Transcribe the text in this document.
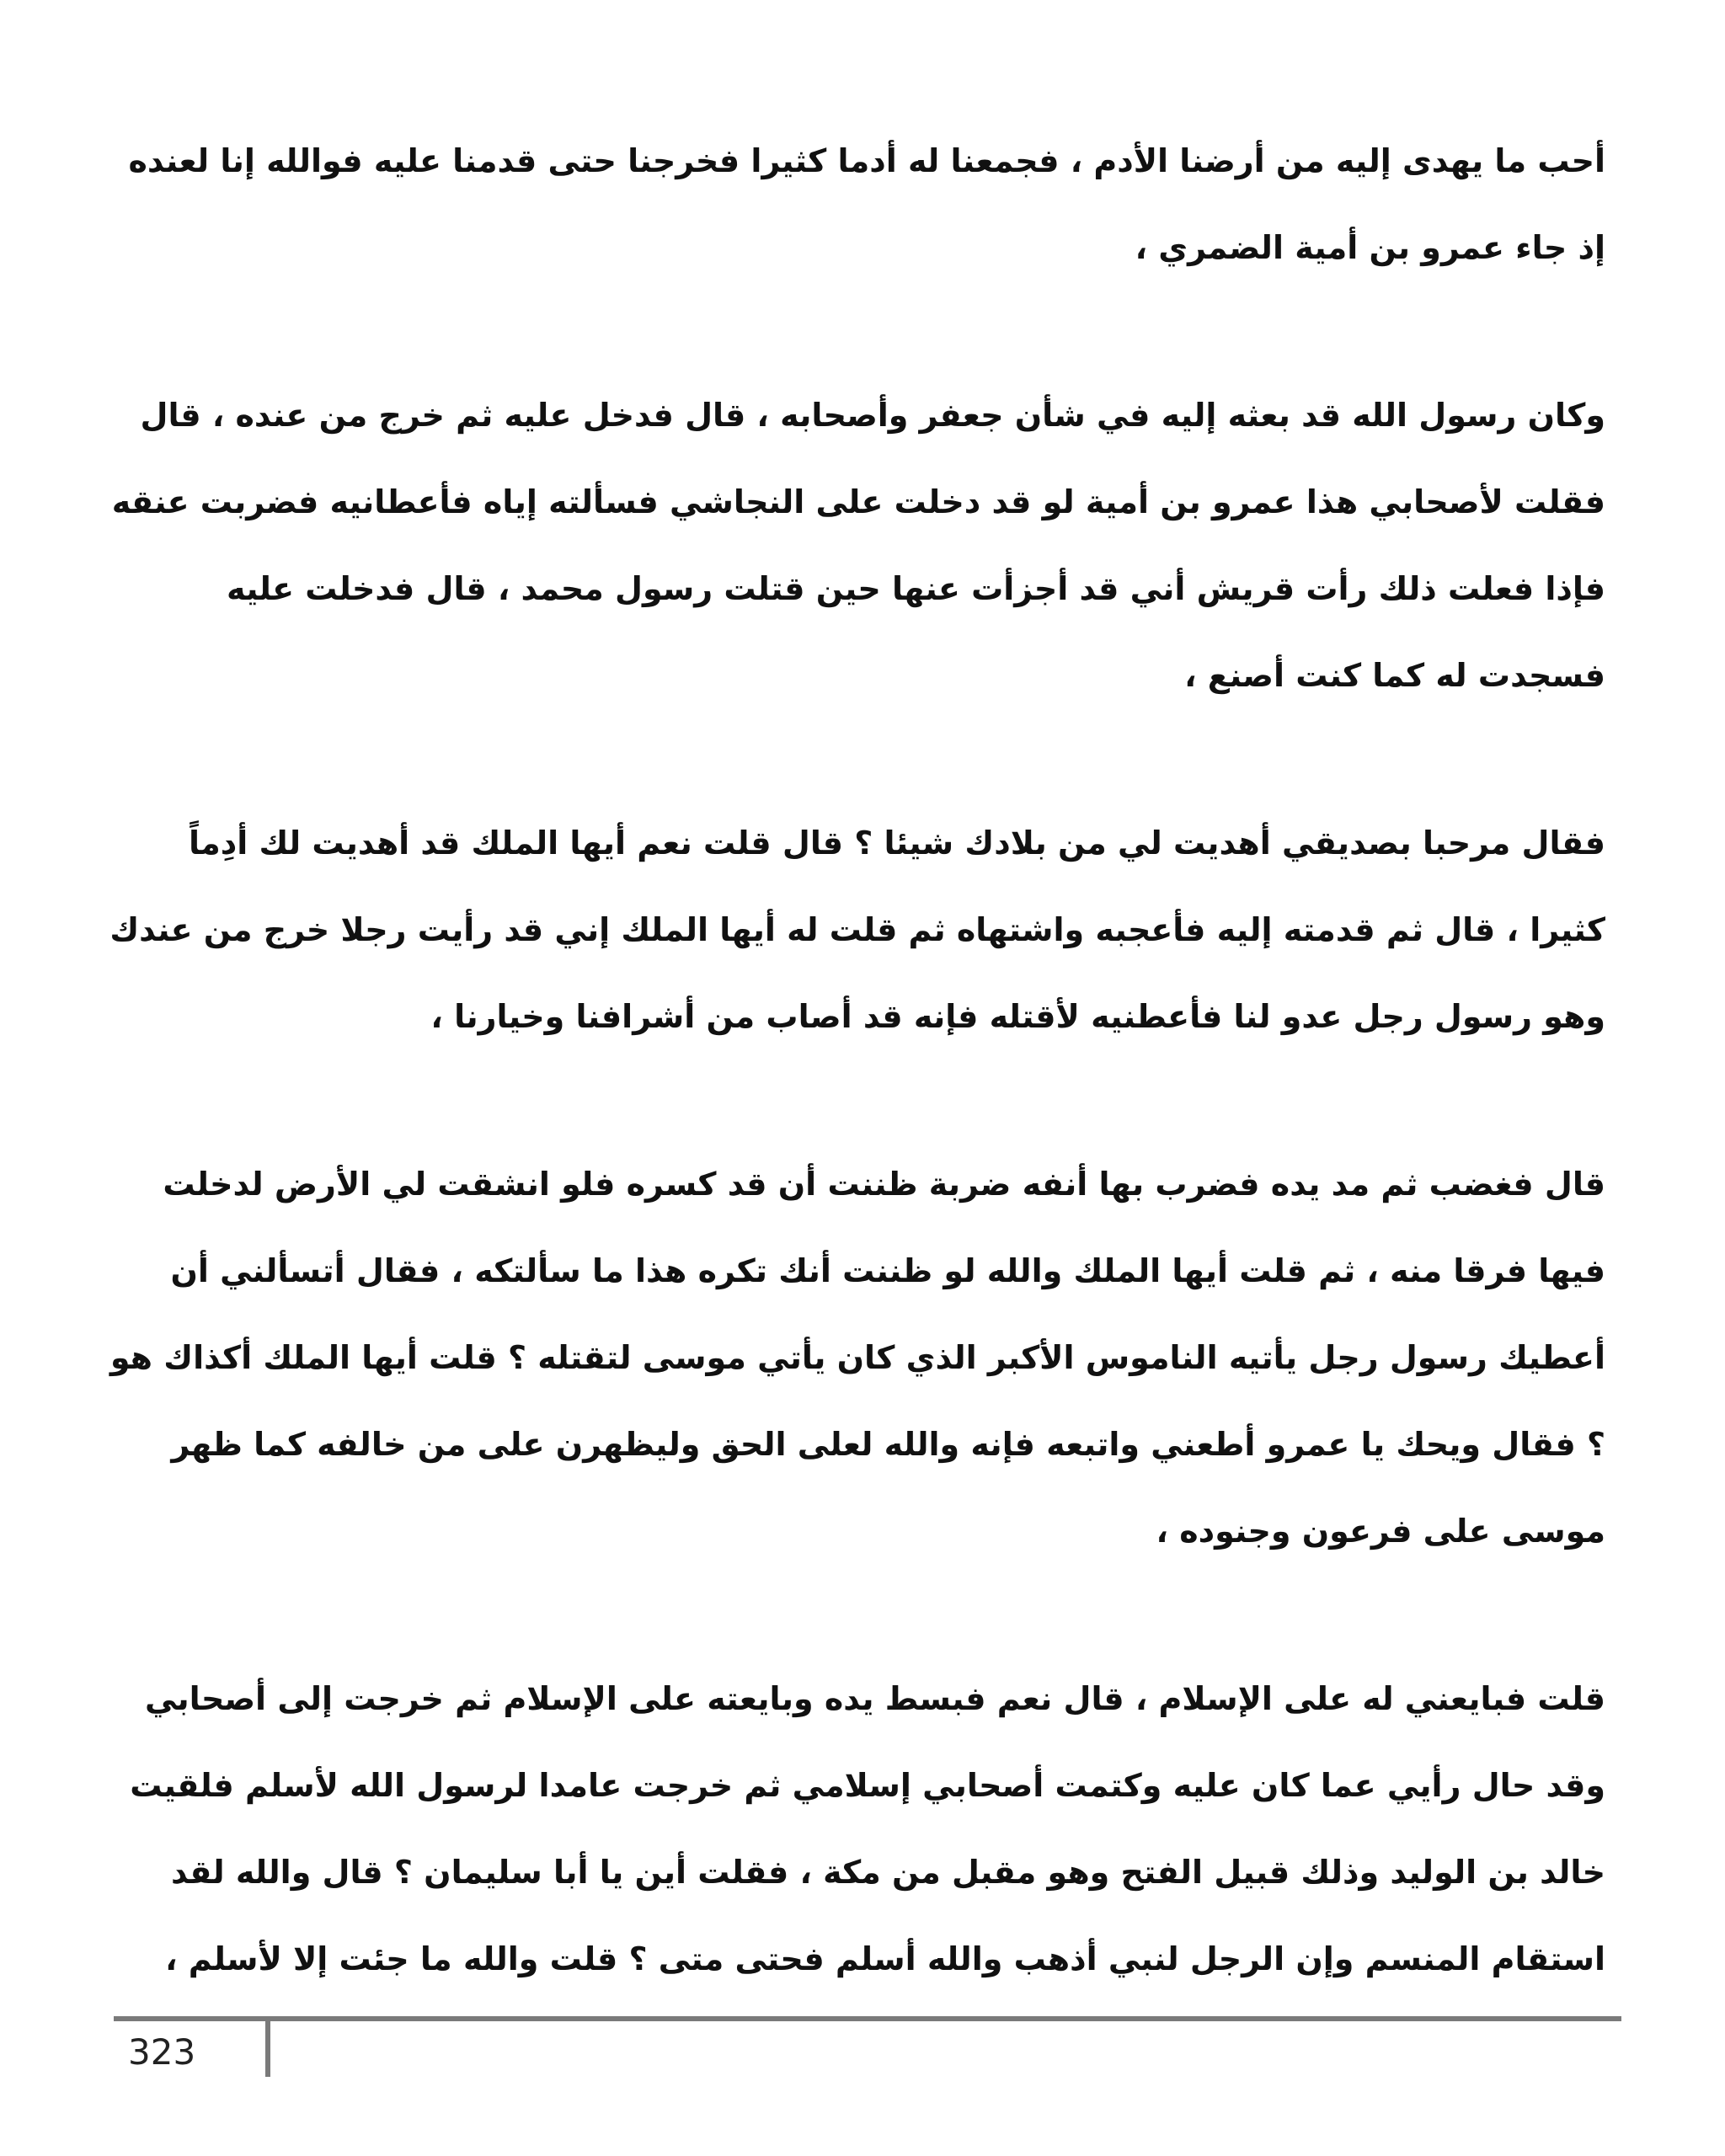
أحب ما يهدى إليه من أرضنا الأدم ، فجمعنا له أدما كثيرا فخرجنا حتى قدمنا عليه فوالله إنا لعنده
إذ جاء عمرو بن أمية الضمري ،

وكان رسول الله قد بعثه إليه في شأن جعفر وأصحابه ، قال فدخل عليه ثم خرج من عنده ، قال
فقلت لأصحابي هذا عمرو بن أمية لو قد دخلت على النجاشي فسألته إياه فأعطانيه فضربت عنقه
فإذا فعلت ذلك رأت قريش أني قد أجزأت عنها حين قتلت رسول محمد ، قال فدخلت عليه
فسجدت له كما كنت أصنع ،

فقال مرحبا بصديقي أهديت لي من بلادك شيئا ؟ قال قلت نعم أيها الملك قد أهديت لك أدِماً
كثيرا ، قال ثم قدمته إليه فأعجبه واشتهاه ثم قلت له أيها الملك إني قد رأيت رجلا خرج من عندك
وهو رسول رجل عدو لنا فأعطنيه لأقتله فإنه قد أصاب من أشرافنا وخيارنا ،

قال فغضب ثم مد يده فضرب بها أنفه ضربة ظننت أن قد كسره فلو انشقت لي الأرض لدخلت
فيها فرقا منه ، ثم قلت أيها الملك والله لو ظننت أنك تكره هذا ما سألتكه ، فقال أتسألني أن
أعطيك رسول رجل يأتيه الناموس الأكبر الذي كان يأتي موسى لتقتله ؟ قلت أيها الملك أكذاك هو
؟ فقال ويحك يا عمرو أطعني واتبعه فإنه والله لعلى الحق وليظهرن على من خالفه كما ظهر
موسى على فرعون وجنوده ،

قلت فبايعني له على الإسلام ، قال نعم فبسط يده وبايعته على الإسلام ثم خرجت إلى أصحابي
وقد حال رأيي عما كان عليه وكتمت أصحابي إسلامي ثم خرجت عامدا لرسول الله لأسلم فلقيت
خالد بن الوليد وذلك قبيل الفتح وهو مقبل من مكة ، فقلت أين يا أبا سليمان ؟ قال والله لقد
استقام المنسم وإن الرجل لنبي أذهب والله أسلم فحتى متى ؟ قلت والله ما جئت إلا لأسلم ،

323
